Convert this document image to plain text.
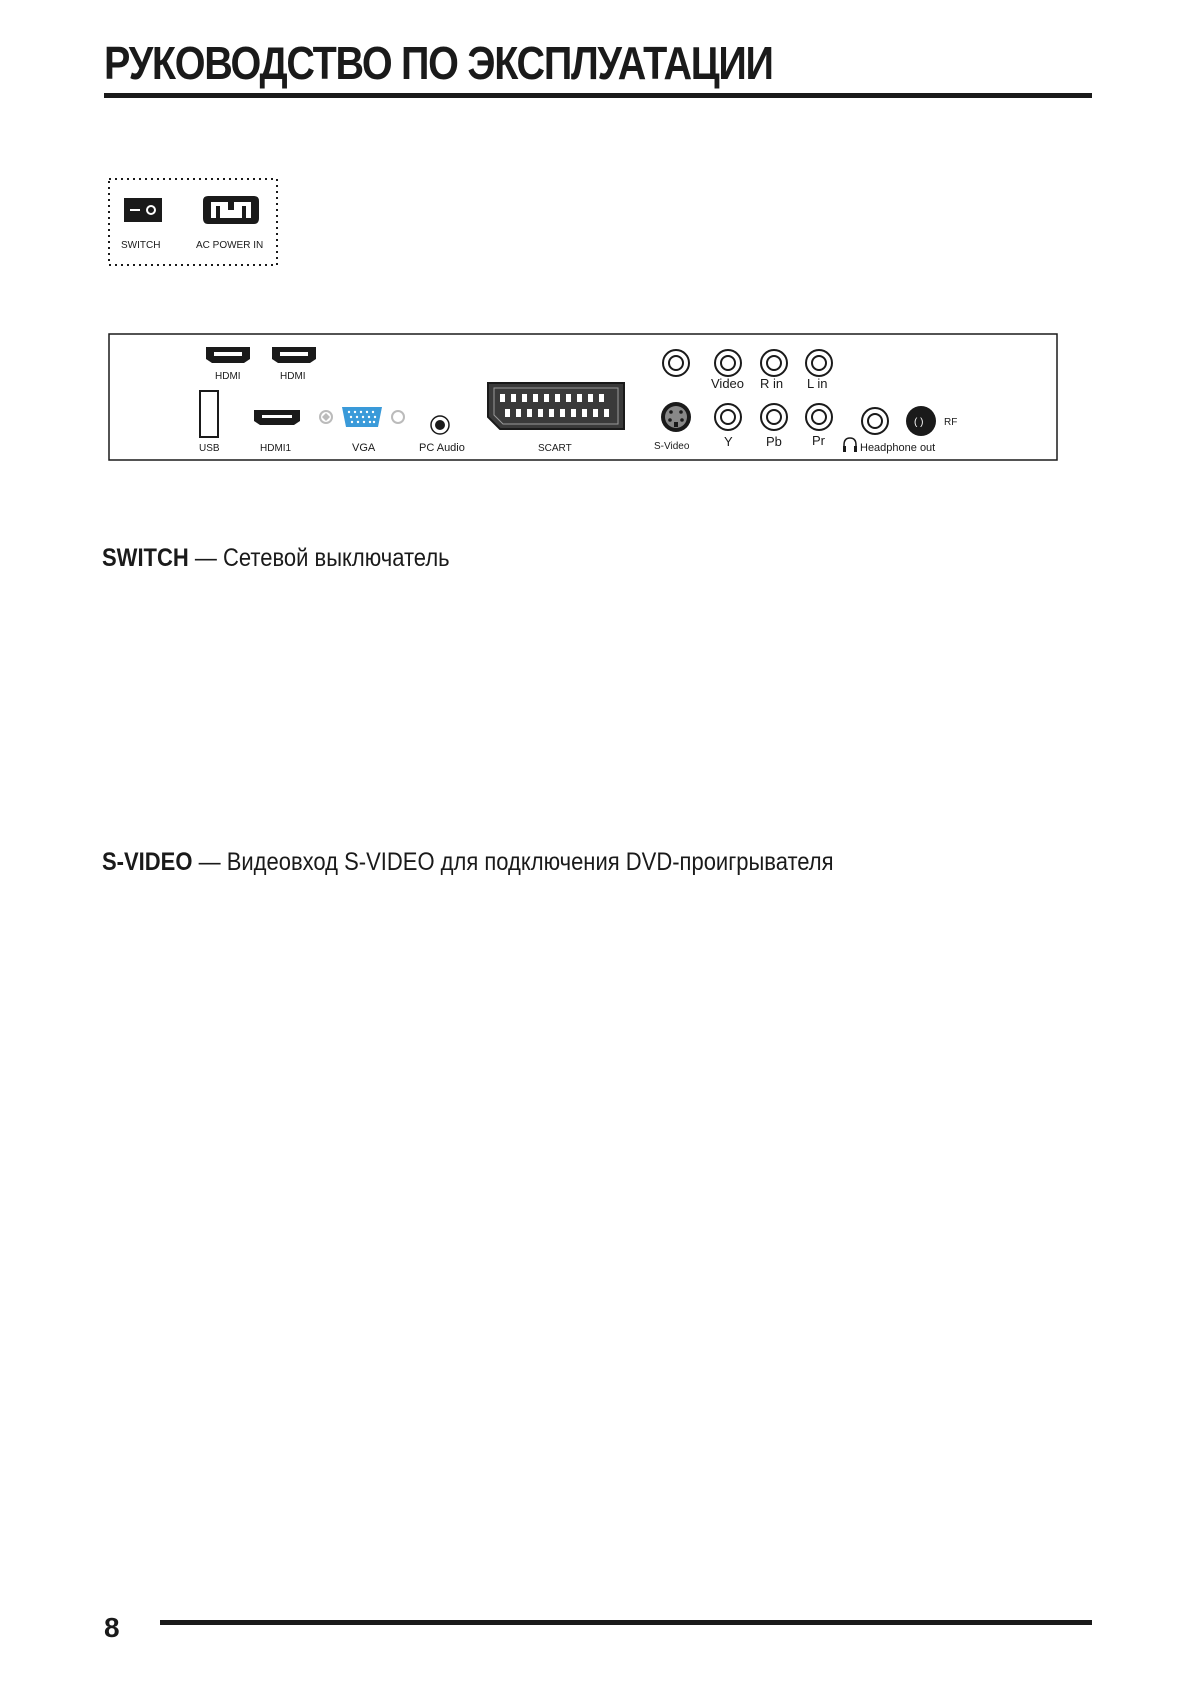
РУКОВОДСТВО ПО ЭКСПЛУАТАЦИИ
SWITCH	AC POWER IN
HDMI	HDMI
USB	HDMI1	VGA	PC Audio	SCART
Video R in L in
S-Video	Y	Pb Pr	Headphone out
( ) RF
SWITCH — Сетевой выключатель
S-VIDEO — Видеовход S-VIDEO для подключения DVD-проигрывателя
8
